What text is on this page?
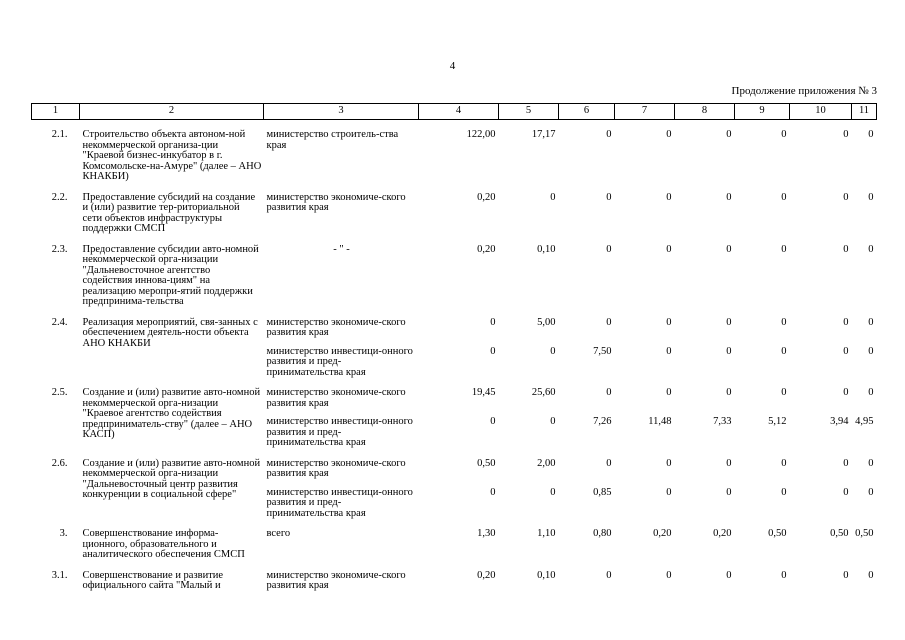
4
Продолжение приложения № 3
1	2	3	4	5	6	7	8	9	10	11
2.1.	Строительство объекта автоном-ной некоммерческой организа-ции "Краевой бизнес-инкубатор в г. Комсомольске-на-Амуре" (далее – АНО КНАКБИ)	министерство строитель-ства края	122,00	17,17	0	0	0	0	0	0
2.2.	Предоставление субсидий на создание и (или) развитие тер-риториальной сети объектов инфраструктуры поддержки СМСП	министерство экономиче-ского развития края	0,20	0	0	0	0	0	0	0
2.3.	Предоставление субсидии авто-номной некоммерческой орга-низации "Дальневосточное агентство содействия иннова-циям" на реализацию меропри-ятий поддержки предпринима-тельства	- " -	0,20	0,10	0	0	0	0	0	0
2.4.	Реализация мероприятий, свя-занных с обеспечением деятель-ности объекта АНО КНАКБИ	министерство экономиче-ского развития края	0	5,00	0	0	0	0	0	0
		министерство инвестици-онного развития и пред-принимательства края	0	0	7,50	0	0	0	0	0
2.5.	Создание и (или) развитие авто-номной некоммерческой орга-низации "Краевое агентство содействия предприниматель-ству" (далее – АНО КАСП)	министерство экономиче-ского развития края	19,45	25,60	0	0	0	0	0	0
		министерство инвестици-онного развития и пред-принимательства края	0	0	7,26	11,48	7,33	5,12	3,94	4,95
2.6.	Создание и (или) развитие авто-номной некоммерческой орга-низации "Дальневосточный центр развития конкуренции в социальной сфере"	министерство экономиче-ского развития края	0,50	2,00	0	0	0	0	0	0
		министерство инвестици-онного развития и пред-принимательства края	0	0	0,85	0	0	0	0	0
3.	Совершенствование информа-ционного, образовательного и аналитического обеспечения СМСП	всего	1,30	1,10	0,80	0,20	0,20	0,50	0,50	0,50
3.1.	Совершенствование и развитие официального сайта "Малый и	министерство экономиче-ского развития края	0,20	0,10	0	0	0	0	0	0
